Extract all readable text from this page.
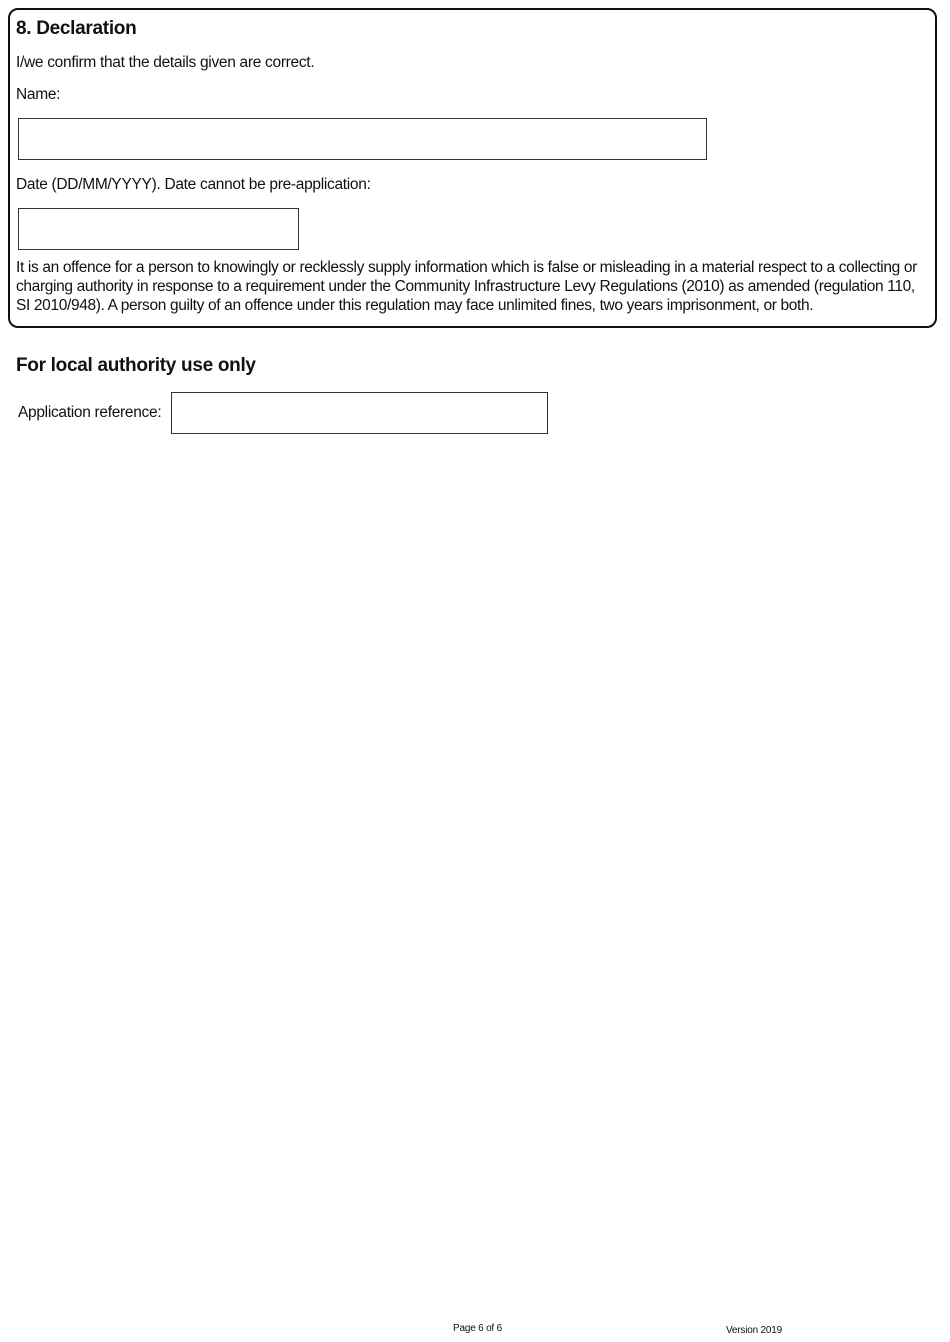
8. Declaration
I/we confirm that the details given are correct.
Name:
Date (DD/MM/YYYY). Date cannot be pre-application:
It is an offence for a person to knowingly or recklessly supply information which is false or misleading in a material respect to a collecting or charging authority in response to a requirement under the Community Infrastructure Levy Regulations (2010) as amended (regulation 110, SI 2010/948). A person guilty of an offence under this regulation may face unlimited fines, two years imprisonment, or both.
For local authority use only
Application reference:
Page 6 of 6	Version 2019
